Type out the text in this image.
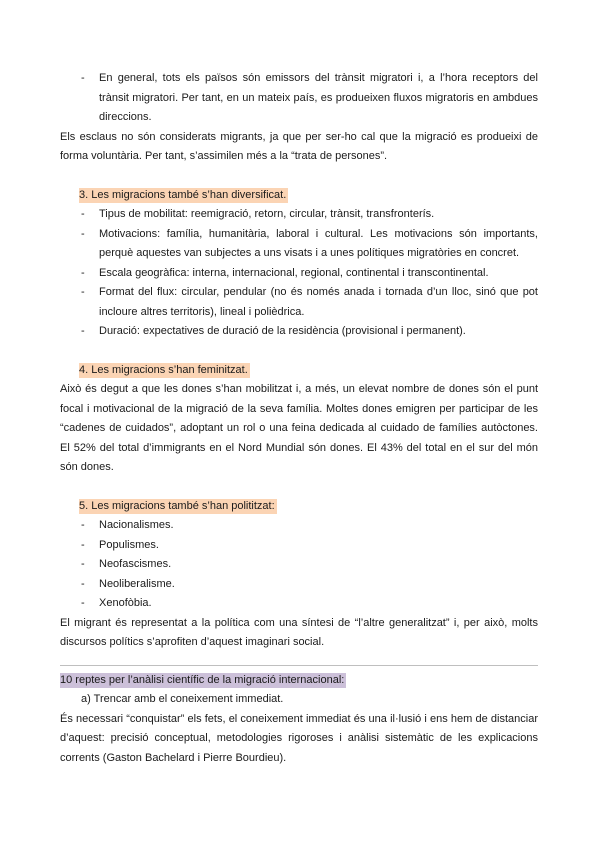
- En general, tots els països són emissors del trànsit migratori i, a l’hora receptors del trànsit migratori. Per tant, en un mateix país, es produeixen fluxos migratoris en ambdues direccions.
Els esclaus no són considerats migrants, ja que per ser-ho cal que la migració es produeixi de forma voluntària. Per tant, s’assimilen més a la “trata de persones”.
3. Les migracions també s’han diversificat.
- Tipus de mobilitat: reemigració, retorn, circular, trànsit, transfronterís.
- Motivacions: família, humanitària, laboral i cultural. Les motivacions són importants, perquè aquestes van subjectes a uns visats i a unes polítiques migratòries en concret.
- Escala geogràfica: interna, internacional, regional, continental i transcontinental.
- Format del flux: circular, pendular (no és només anada i tornada d’un lloc, sinó que pot incloure altres territoris), lineal i polièdrica.
- Duració: expectatives de duració de la residència (provisional i permanent).
4. Les migracions s’han feminitzat.
Això és degut a que les dones s’han mobilitzat i, a més, un elevat nombre de dones són el punt focal i motivacional de la migració de la seva família. Moltes dones emigren per participar de les “cadenes de cuidados”, adoptant un rol o una feina dedicada al cuidado de famílies autòctones. El 52% del total d’immigrants en el Nord Mundial són dones. El 43% del total en el sur del món són dones.
5. Les migracions també s’han polititzat:
- Nacionalismes.
- Populismes.
- Neofascismes.
- Neoliberalisme.
- Xenofòbia.
El migrant és representat a la política com una síntesi de “l’altre generalitzat” i, per això, molts discursos polítics s’aprofiten d’aquest imaginari social.
10 reptes per l’anàlisi científic de la migració internacional:
a) Trencar amb el coneixement immediat.
És necessari “conquistar” els fets, el coneixement immediat és una il·lusió i ens hem de distanciar d’aquest: precisió conceptual, metodologies rigoroses i anàlisi sistemàtic de les explicacions corrents (Gaston Bachelard i Pierre Bourdieu).
